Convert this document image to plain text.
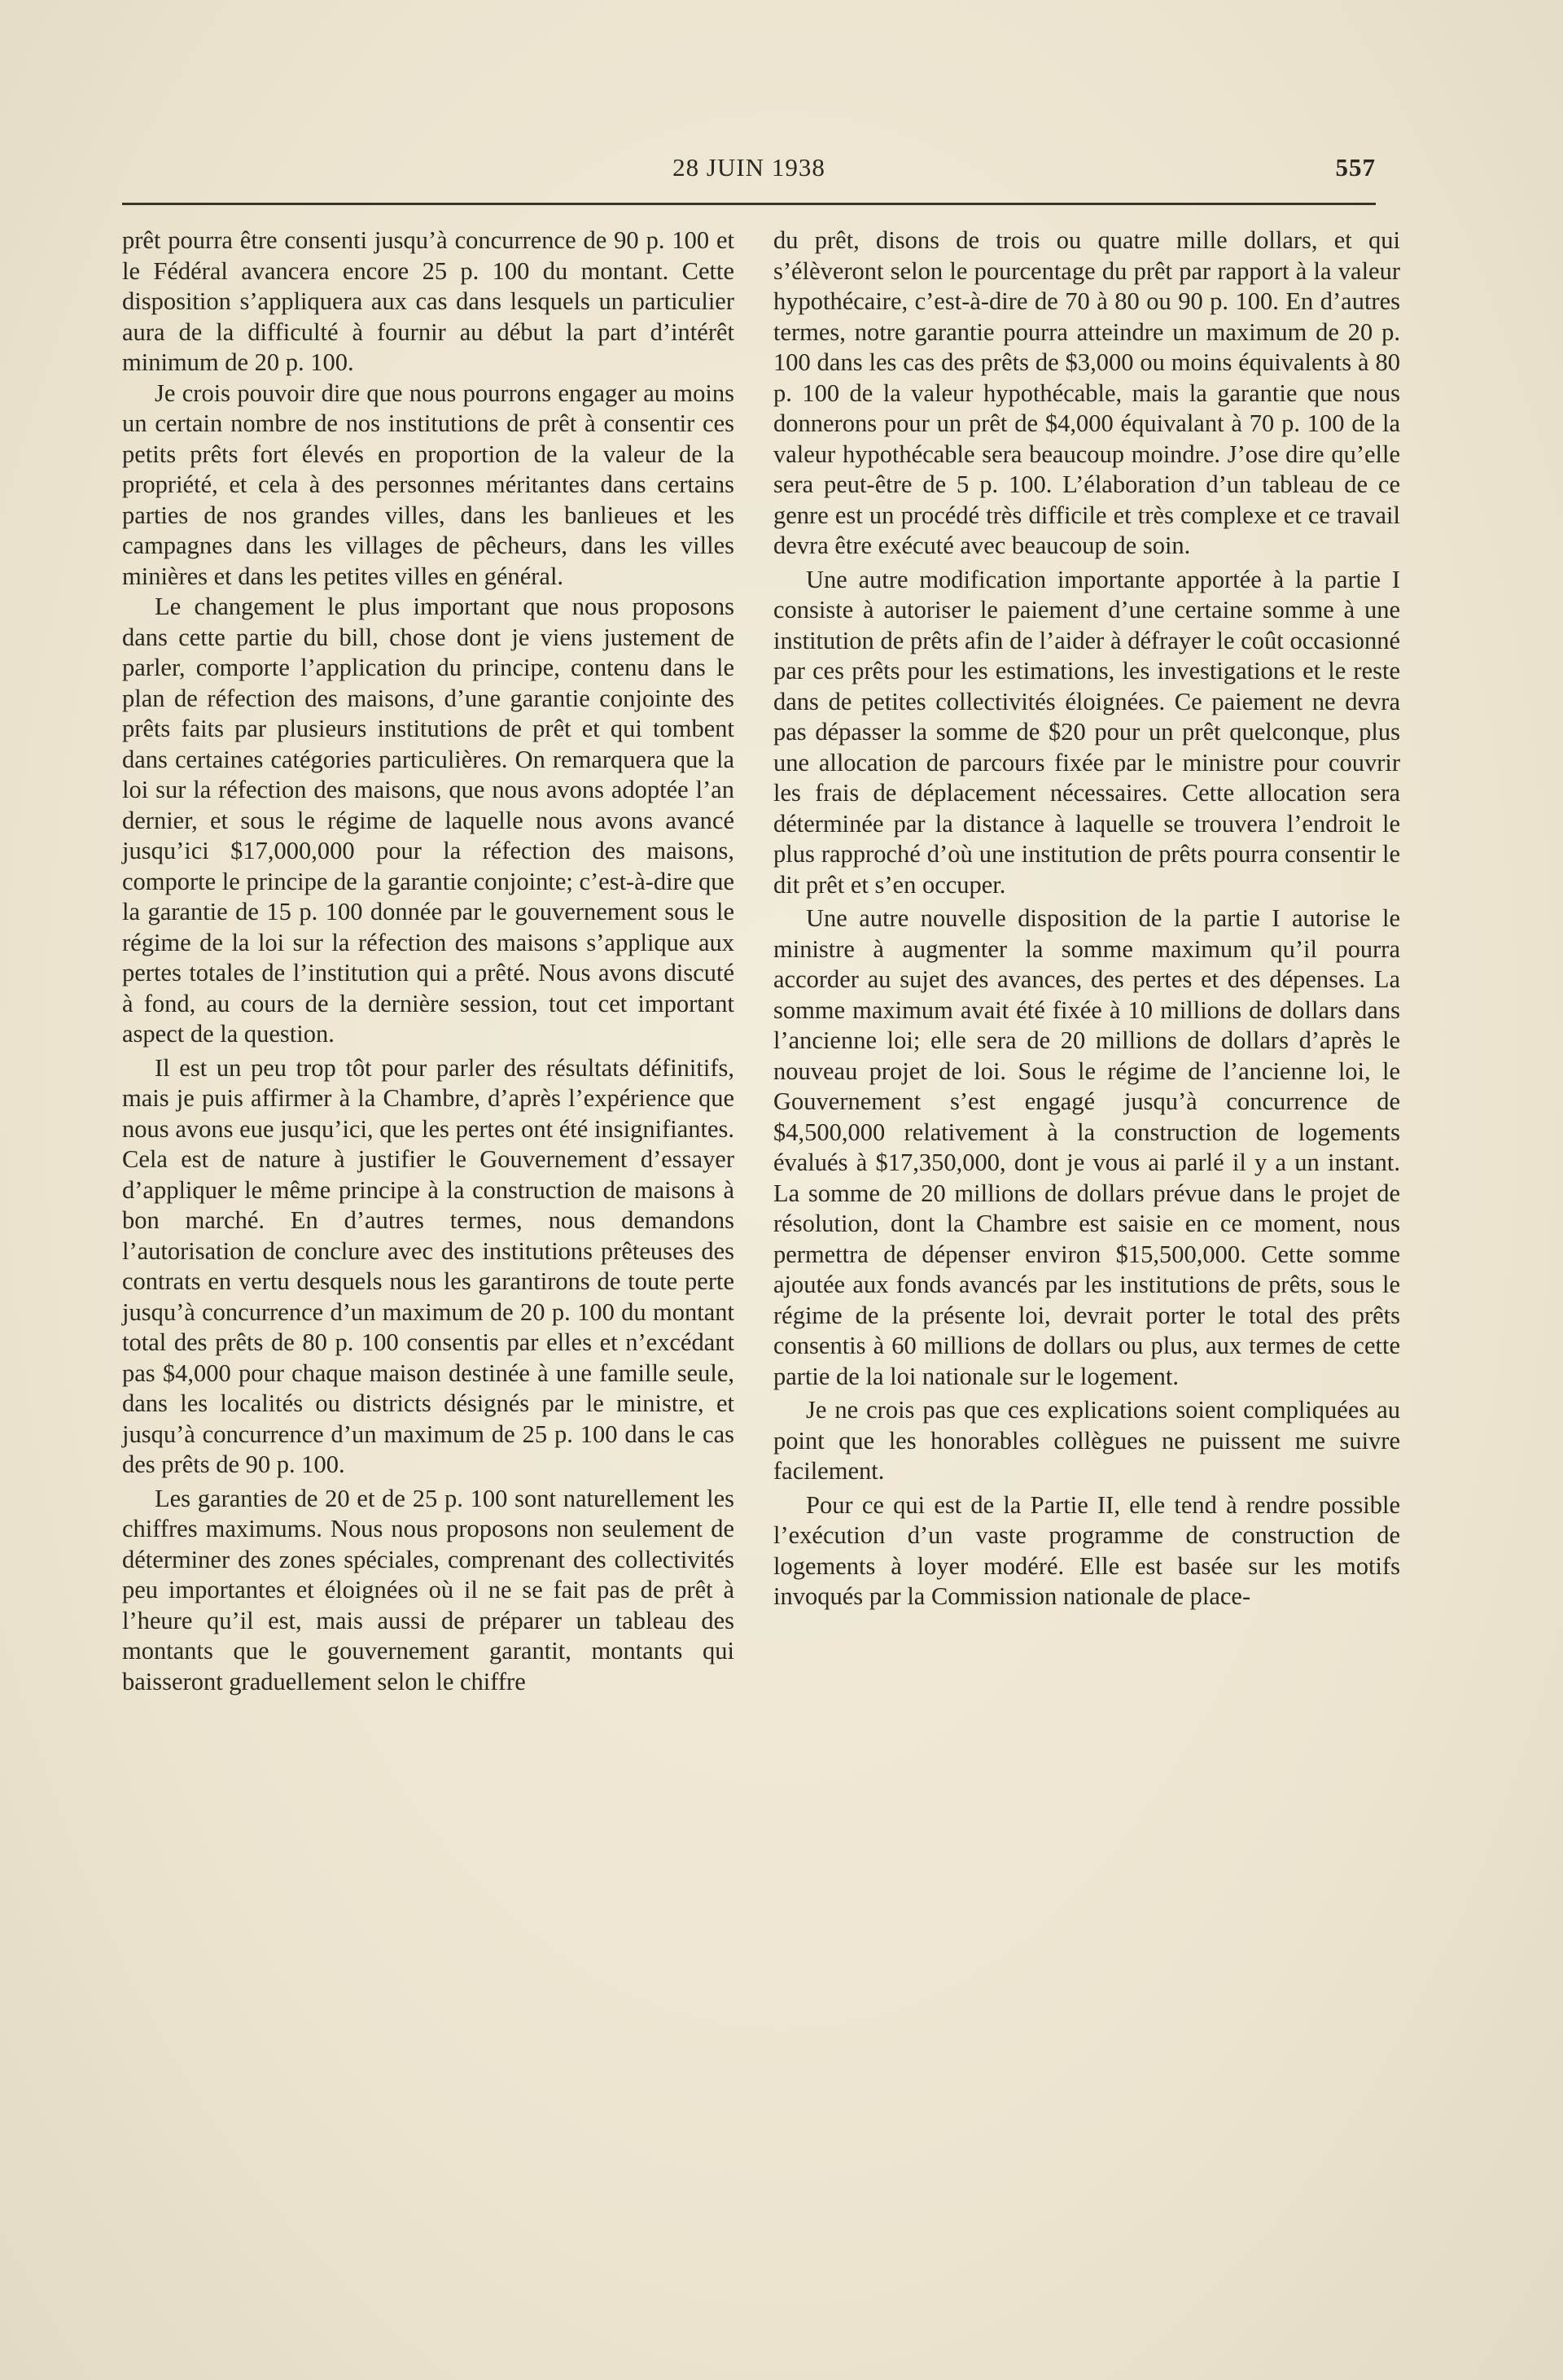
28 JUIN 1938	557

prêt pourra être consenti jusqu’à concurrence de 90 p. 100 et le Fédéral avancera encore 25 p. 100 du montant. Cette disposition s’appliquera aux cas dans lesquels un particulier aura de la difficulté à fournir au début la part d’intérêt minimum de 20 p. 100.

Je crois pouvoir dire que nous pourrons engager au moins un certain nombre de nos institutions de prêt à consentir ces petits prêts fort élevés en proportion de la valeur de la propriété, et cela à des personnes méritantes dans certains parties de nos grandes villes, dans les banlieues et les campagnes dans les villages de pêcheurs, dans les villes minières et dans les petites villes en général.

Le changement le plus important que nous proposons dans cette partie du bill, chose dont je viens justement de parler, comporte l’application du principe, contenu dans le plan de réfection des maisons, d’une garantie conjointe des prêts faits par plusieurs institutions de prêt et qui tombent dans certaines catégories particulières. On remarquera que la loi sur la réfection des maisons, que nous avons adoptée l’an dernier, et sous le régime de laquelle nous avons avancé jusqu’ici $17,000,000 pour la réfection des maisons, comporte le principe de la garantie conjointe; c’est-à-dire que la garantie de 15 p. 100 donnée par le gouvernement sous le régime de la loi sur la réfection des maisons s’applique aux pertes totales de l’institution qui a prêté. Nous avons discuté à fond, au cours de la dernière session, tout cet important aspect de la question.

Il est un peu trop tôt pour parler des résultats définitifs, mais je puis affirmer à la Chambre, d’après l’expérience que nous avons eue jusqu’ici, que les pertes ont été insignifiantes. Cela est de nature à justifier le Gouvernement d’essayer d’appliquer le même principe à la construction de maisons à bon marché. En d’autres termes, nous demandons l’autorisation de conclure avec des institutions prêteuses des contrats en vertu desquels nous les garantirons de toute perte jusqu’à concurrence d’un maximum de 20 p. 100 du montant total des prêts de 80 p. 100 consentis par elles et n’excédant pas $4,000 pour chaque maison destinée à une famille seule, dans les localités ou districts désignés par le ministre, et jusqu’à concurrence d’un maximum de 25 p. 100 dans le cas des prêts de 90 p. 100.

Les garanties de 20 et de 25 p. 100 sont naturellement les chiffres maximums. Nous nous proposons non seulement de déterminer des zones spéciales, comprenant des collectivités peu importantes et éloignées où il ne se fait pas de prêt à l’heure qu’il est, mais aussi de préparer un tableau des montants que le gouvernement garantit, montants qui baisseront graduellement selon le chiffre

du prêt, disons de trois ou quatre mille dollars, et qui s’élèveront selon le pourcentage du prêt par rapport à la valeur hypothécaire, c’est-à-dire de 70 à 80 ou 90 p. 100. En d’autres termes, notre garantie pourra atteindre un maximum de 20 p. 100 dans les cas des prêts de $3,000 ou moins équivalents à 80 p. 100 de la valeur hypothécable, mais la garantie que nous donnerons pour un prêt de $4,000 équivalant à 70 p. 100 de la valeur hypothécable sera beaucoup moindre. J’ose dire qu’elle sera peut-être de 5 p. 100. L’élaboration d’un tableau de ce genre est un procédé très difficile et très complexe et ce travail devra être exécuté avec beaucoup de soin.

Une autre modification importante apportée à la partie I consiste à autoriser le paiement d’une certaine somme à une institution de prêts afin de l’aider à défrayer le coût occasionné par ces prêts pour les estimations, les investigations et le reste dans de petites collectivités éloignées. Ce paiement ne devra pas dépasser la somme de $20 pour un prêt quelconque, plus une allocation de parcours fixée par le ministre pour couvrir les frais de déplacement nécessaires. Cette allocation sera déterminée par la distance à laquelle se trouvera l’endroit le plus rapproché d’où une institution de prêts pourra consentir le dit prêt et s’en occuper.

Une autre nouvelle disposition de la partie I autorise le ministre à augmenter la somme maximum qu’il pourra accorder au sujet des avances, des pertes et des dépenses. La somme maximum avait été fixée à 10 millions de dollars dans l’ancienne loi; elle sera de 20 millions de dollars d’après le nouveau projet de loi. Sous le régime de l’ancienne loi, le Gouvernement s’est engagé jusqu’à concurrence de $4,500,000 relativement à la construction de logements évalués à $17,350,000, dont je vous ai parlé il y a un instant. La somme de 20 millions de dollars prévue dans le projet de résolution, dont la Chambre est saisie en ce moment, nous permettra de dépenser environ $15,500,000. Cette somme ajoutée aux fonds avancés par les institutions de prêts, sous le régime de la présente loi, devrait porter le total des prêts consentis à 60 millions de dollars ou plus, aux termes de cette partie de la loi nationale sur le logement.

Je ne crois pas que ces explications soient compliquées au point que les honorables collègues ne puissent me suivre facilement.

Pour ce qui est de la Partie II, elle tend à rendre possible l’exécution d’un vaste programme de construction de logements à loyer modéré. Elle est basée sur les motifs invoqués par la Commission nationale de place-
